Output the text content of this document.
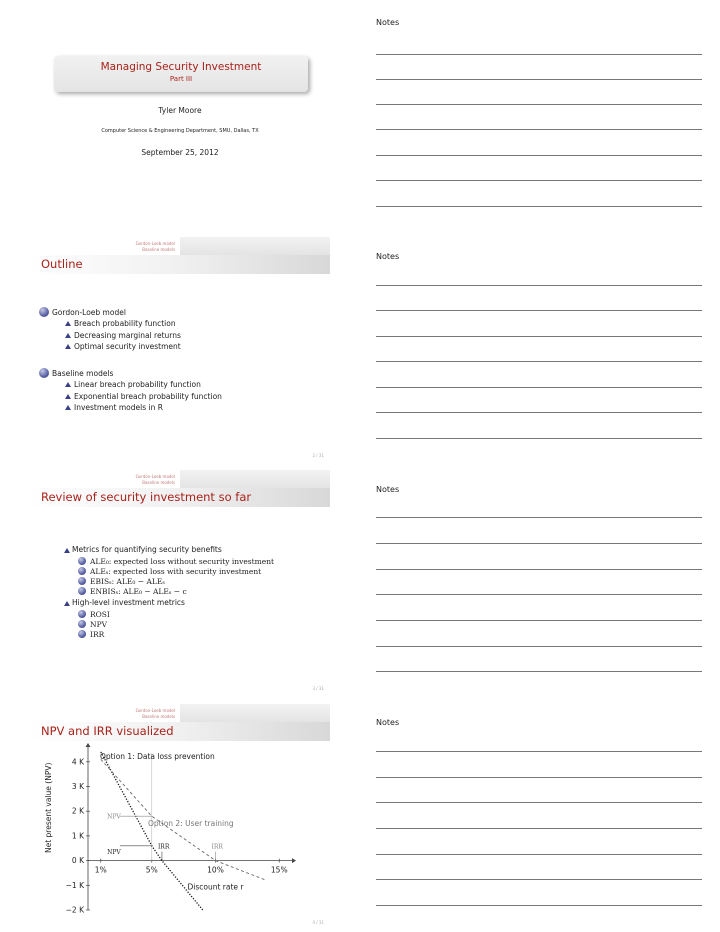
Managing Security Investment
Part III
Tyler Moore
Computer Science & Engineering Department, SMU, Dallas, TX
September 25, 2012
Gordon-Loeb model
Baseline models
Outline
Gordon-Loeb model
Breach probability function
Decreasing marginal returns
Optimal security investment
Baseline models
Linear breach probability function
Exponential breach probability function
Investment models in R
2 / 31
Gordon-Loeb model
Baseline models
Review of security investment so far
Metrics for quantifying security benefits
ALE₀: expected loss without security investment
ALEₛ: expected loss with security investment
EBISₛ: ALE₀ − ALEₛ
ENBISₛ: ALE₀ − ALEₛ − c
High-level investment metrics
ROSI
NPV
IRR
3 / 31
Gordon-Loeb model
Baseline models
NPV and IRR visualized
−2 K
−1 K
0 K
1 K
2 K
3 K
4 K
1%	5%	10%	15%
Option 1: Data loss prevention
Option 2: User training
NPV
NPV
IRR	IRR
Discount rate r
Net present value (NPV)
4 / 31
Notes
Notes
Notes
Notes
